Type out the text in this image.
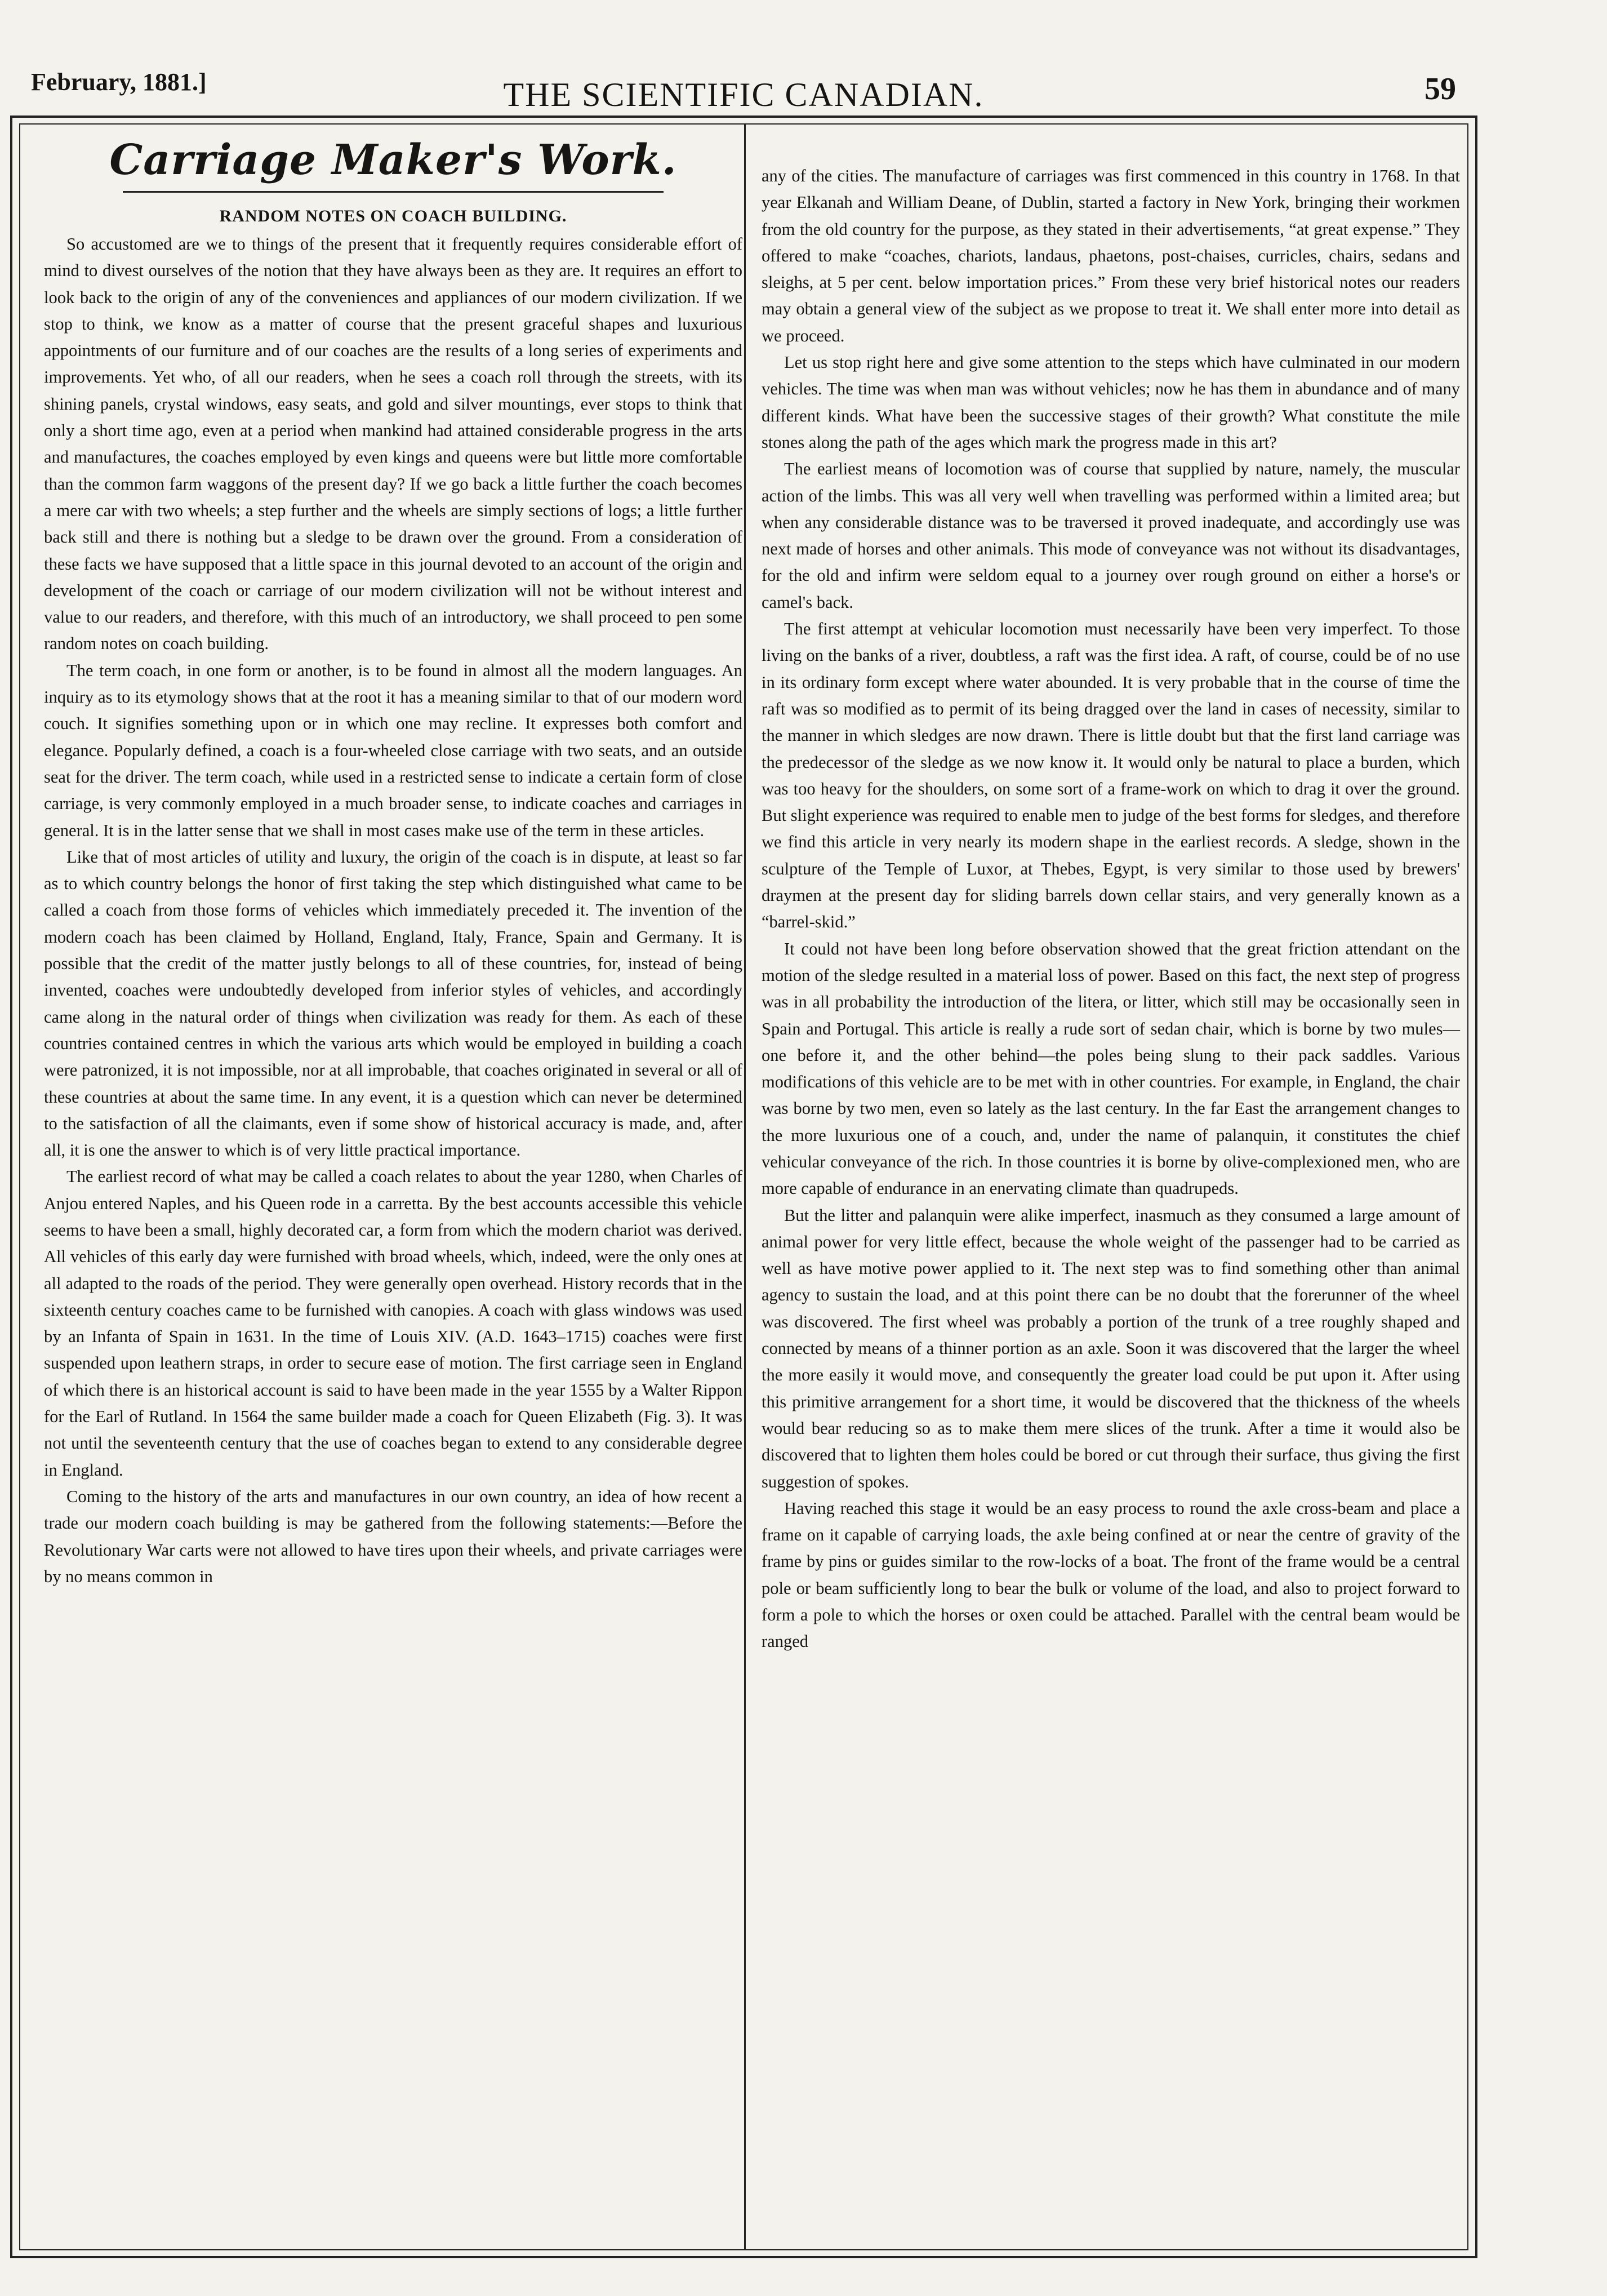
February, 1881.]	THE SCIENTIFIC CANADIAN.	59
Carriage Maker's Work.
RANDOM NOTES ON COACH BUILDING.

So accustomed are we to things of the present that it frequently requires considerable effort of mind to divest ourselves of the notion that they have always been as they are. It requires an effort to look back to the origin of any of the conveniences and appliances of our modern civilization. If we stop to think, we know as a matter of course that the present graceful shapes and luxurious appointments of our furniture and of our coaches are the results of a long series of experiments and improvements. Yet who, of all our readers, when he sees a coach roll through the streets, with its shining panels, crystal windows, easy seats, and gold and silver mountings, ever stops to think that only a short time ago, even at a period when mankind had attained considerable progress in the arts and manufactures, the coaches employed by even kings and queens were but little more comfortable than the common farm waggons of the present day? If we go back a little further the coach becomes a mere car with two wheels; a step further and the wheels are simply sections of logs; a little further back still and there is nothing but a sledge to be drawn over the ground. From a consideration of these facts we have supposed that a little space in this journal devoted to an account of the origin and development of the coach or carriage of our modern civilization will not be without interest and value to our readers, and therefore, with this much of an introductory, we shall proceed to pen some random notes on coach building.

The term coach, in one form or another, is to be found in almost all the modern languages. An inquiry as to its etymology shows that at the root it has a meaning similar to that of our modern word couch. It signifies something upon or in which one may recline. It expresses both comfort and elegance. Popularly defined, a coach is a four-wheeled close carriage with two seats, and an outside seat for the driver. The term coach, while used in a restricted sense to indicate a certain form of close carriage, is very commonly employed in a much broader sense, to indicate coaches and carriages in general. It is in the latter sense that we shall in most cases make use of the term in these articles.

Like that of most articles of utility and luxury, the origin of the coach is in dispute, at least so far as to which country belongs the honor of first taking the step which distinguished what came to be called a coach from those forms of vehicles which immediately preceded it. The invention of the modern coach has been claimed by Holland, England, Italy, France, Spain and Germany. It is possible that the credit of the matter justly belongs to all of these countries, for, instead of being invented, coaches were undoubtedly developed from inferior styles of vehicles, and accordingly came along in the natural order of things when civilization was ready for them. As each of these countries contained centres in which the various arts which would be employed in building a coach were patronized, it is not impossible, nor at all improbable, that coaches originated in several or all of these countries at about the same time. In any event, it is a question which can never be determined to the satisfaction of all the claimants, even if some show of historical accuracy is made, and, after all, it is one the answer to which is of very little practical importance.

The earliest record of what may be called a coach relates to about the year 1280, when Charles of Anjou entered Naples, and his Queen rode in a carretta. By the best accounts accessible this vehicle seems to have been a small, highly decorated car, a form from which the modern chariot was derived. All vehicles of this early day were furnished with broad wheels, which, indeed, were the only ones at all adapted to the roads of the period. They were generally open overhead. History records that in the sixteenth century coaches came to be furnished with canopies. A coach with glass windows was used by an Infanta of Spain in 1631. In the time of Louis XIV. (A.D. 1643–1715) coaches were first suspended upon leathern straps, in order to secure ease of motion. The first carriage seen in England of which there is an historical account is said to have been made in the year 1555 by a Walter Rippon for the Earl of Rutland. In 1564 the same builder made a coach for Queen Elizabeth (Fig. 3). It was not until the seventeenth century that the use of coaches began to extend to any considerable degree in England.

Coming to the history of the arts and manufactures in our own country, an idea of how recent a trade our modern coach building is may be gathered from the following statements:—Before the Revolutionary War carts were not allowed to have tires upon their wheels, and private carriages were by no means common in

any of the cities. The manufacture of carriages was first commenced in this country in 1768. In that year Elkanah and William Deane, of Dublin, started a factory in New York, bringing their workmen from the old country for the purpose, as they stated in their advertisements, “at great expense.” They offered to make “coaches, chariots, landaus, phaetons, post-chaises, curricles, chairs, sedans and sleighs, at 5 per cent. below importation prices.” From these very brief historical notes our readers may obtain a general view of the subject as we propose to treat it. We shall enter more into detail as we proceed.

Let us stop right here and give some attention to the steps which have culminated in our modern vehicles. The time was when man was without vehicles; now he has them in abundance and of many different kinds. What have been the successive stages of their growth? What constitute the mile stones along the path of the ages which mark the progress made in this art?

The earliest means of locomotion was of course that supplied by nature, namely, the muscular action of the limbs. This was all very well when travelling was performed within a limited area; but when any considerable distance was to be traversed it proved inadequate, and accordingly use was next made of horses and other animals. This mode of conveyance was not without its disadvantages, for the old and infirm were seldom equal to a journey over rough ground on either a horse's or camel's back.

The first attempt at vehicular locomotion must necessarily have been very imperfect. To those living on the banks of a river, doubtless, a raft was the first idea. A raft, of course, could be of no use in its ordinary form except where water abounded. It is very probable that in the course of time the raft was so modified as to permit of its being dragged over the land in cases of necessity, similar to the manner in which sledges are now drawn. There is little doubt but that the first land carriage was the predecessor of the sledge as we now know it. It would only be natural to place a burden, which was too heavy for the shoulders, on some sort of a frame-work on which to drag it over the ground. But slight experience was required to enable men to judge of the best forms for sledges, and therefore we find this article in very nearly its modern shape in the earliest records. A sledge, shown in the sculpture of the Temple of Luxor, at Thebes, Egypt, is very similar to those used by brewers' draymen at the present day for sliding barrels down cellar stairs, and very generally known as a “barrel-skid.”

It could not have been long before observation showed that the great friction attendant on the motion of the sledge resulted in a material loss of power. Based on this fact, the next step of progress was in all probability the introduction of the litera, or litter, which still may be occasionally seen in Spain and Portugal. This article is really a rude sort of sedan chair, which is borne by two mules—one before it, and the other behind—the poles being slung to their pack saddles. Various modifications of this vehicle are to be met with in other countries. For example, in England, the chair was borne by two men, even so lately as the last century. In the far East the arrangement changes to the more luxurious one of a couch, and, under the name of palanquin, it constitutes the chief vehicular conveyance of the rich. In those countries it is borne by olive-complexioned men, who are more capable of endurance in an enervating climate than quadrupeds.

But the litter and palanquin were alike imperfect, inasmuch as they consumed a large amount of animal power for very little effect, because the whole weight of the passenger had to be carried as well as have motive power applied to it. The next step was to find something other than animal agency to sustain the load, and at this point there can be no doubt that the forerunner of the wheel was discovered. The first wheel was probably a portion of the trunk of a tree roughly shaped and connected by means of a thinner portion as an axle. Soon it was discovered that the larger the wheel the more easily it would move, and consequently the greater load could be put upon it. After using this primitive arrangement for a short time, it would be discovered that the thickness of the wheels would bear reducing so as to make them mere slices of the trunk. After a time it would also be discovered that to lighten them holes could be bored or cut through their surface, thus giving the first suggestion of spokes.

Having reached this stage it would be an easy process to round the axle cross-beam and place a frame on it capable of carrying loads, the axle being confined at or near the centre of gravity of the frame by pins or guides similar to the row-locks of a boat. The front of the frame would be a central pole or beam sufficiently long to bear the bulk or volume of the load, and also to project forward to form a pole to which the horses or oxen could be attached. Parallel with the central beam would be ranged
